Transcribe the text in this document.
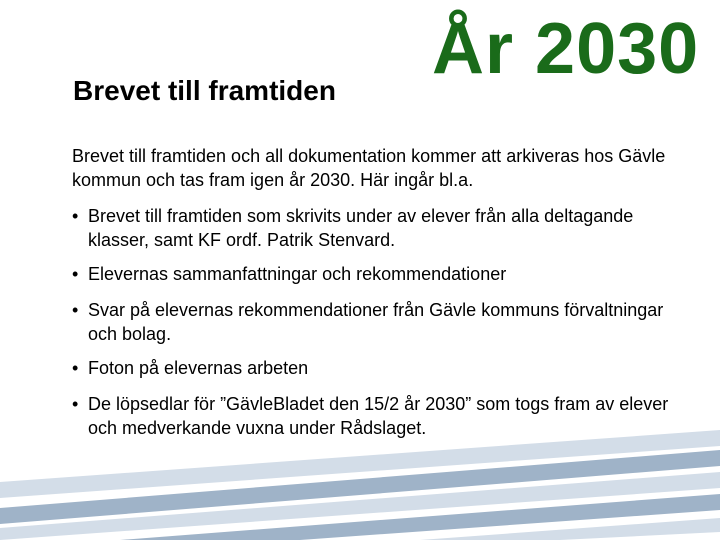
Brevet till framtiden
År 2030
Brevet till framtiden och all dokumentation kommer att arkiveras hos Gävle kommun och tas fram igen år 2030. Här ingår bl.a.
• Brevet till framtiden som skrivits under av elever från alla deltagande klasser, samt KF ordf. Patrik Stenvard.
• Elevernas sammanfattningar och rekommendationer
• Svar på elevernas rekommendationer från Gävle kommuns förvaltningar och bolag.
• Foton på elevernas arbeten
• De löpsedlar för ”GävleBladet den 15/2 år 2030” som togs fram av elever och medverkande vuxna under Rådslaget.
